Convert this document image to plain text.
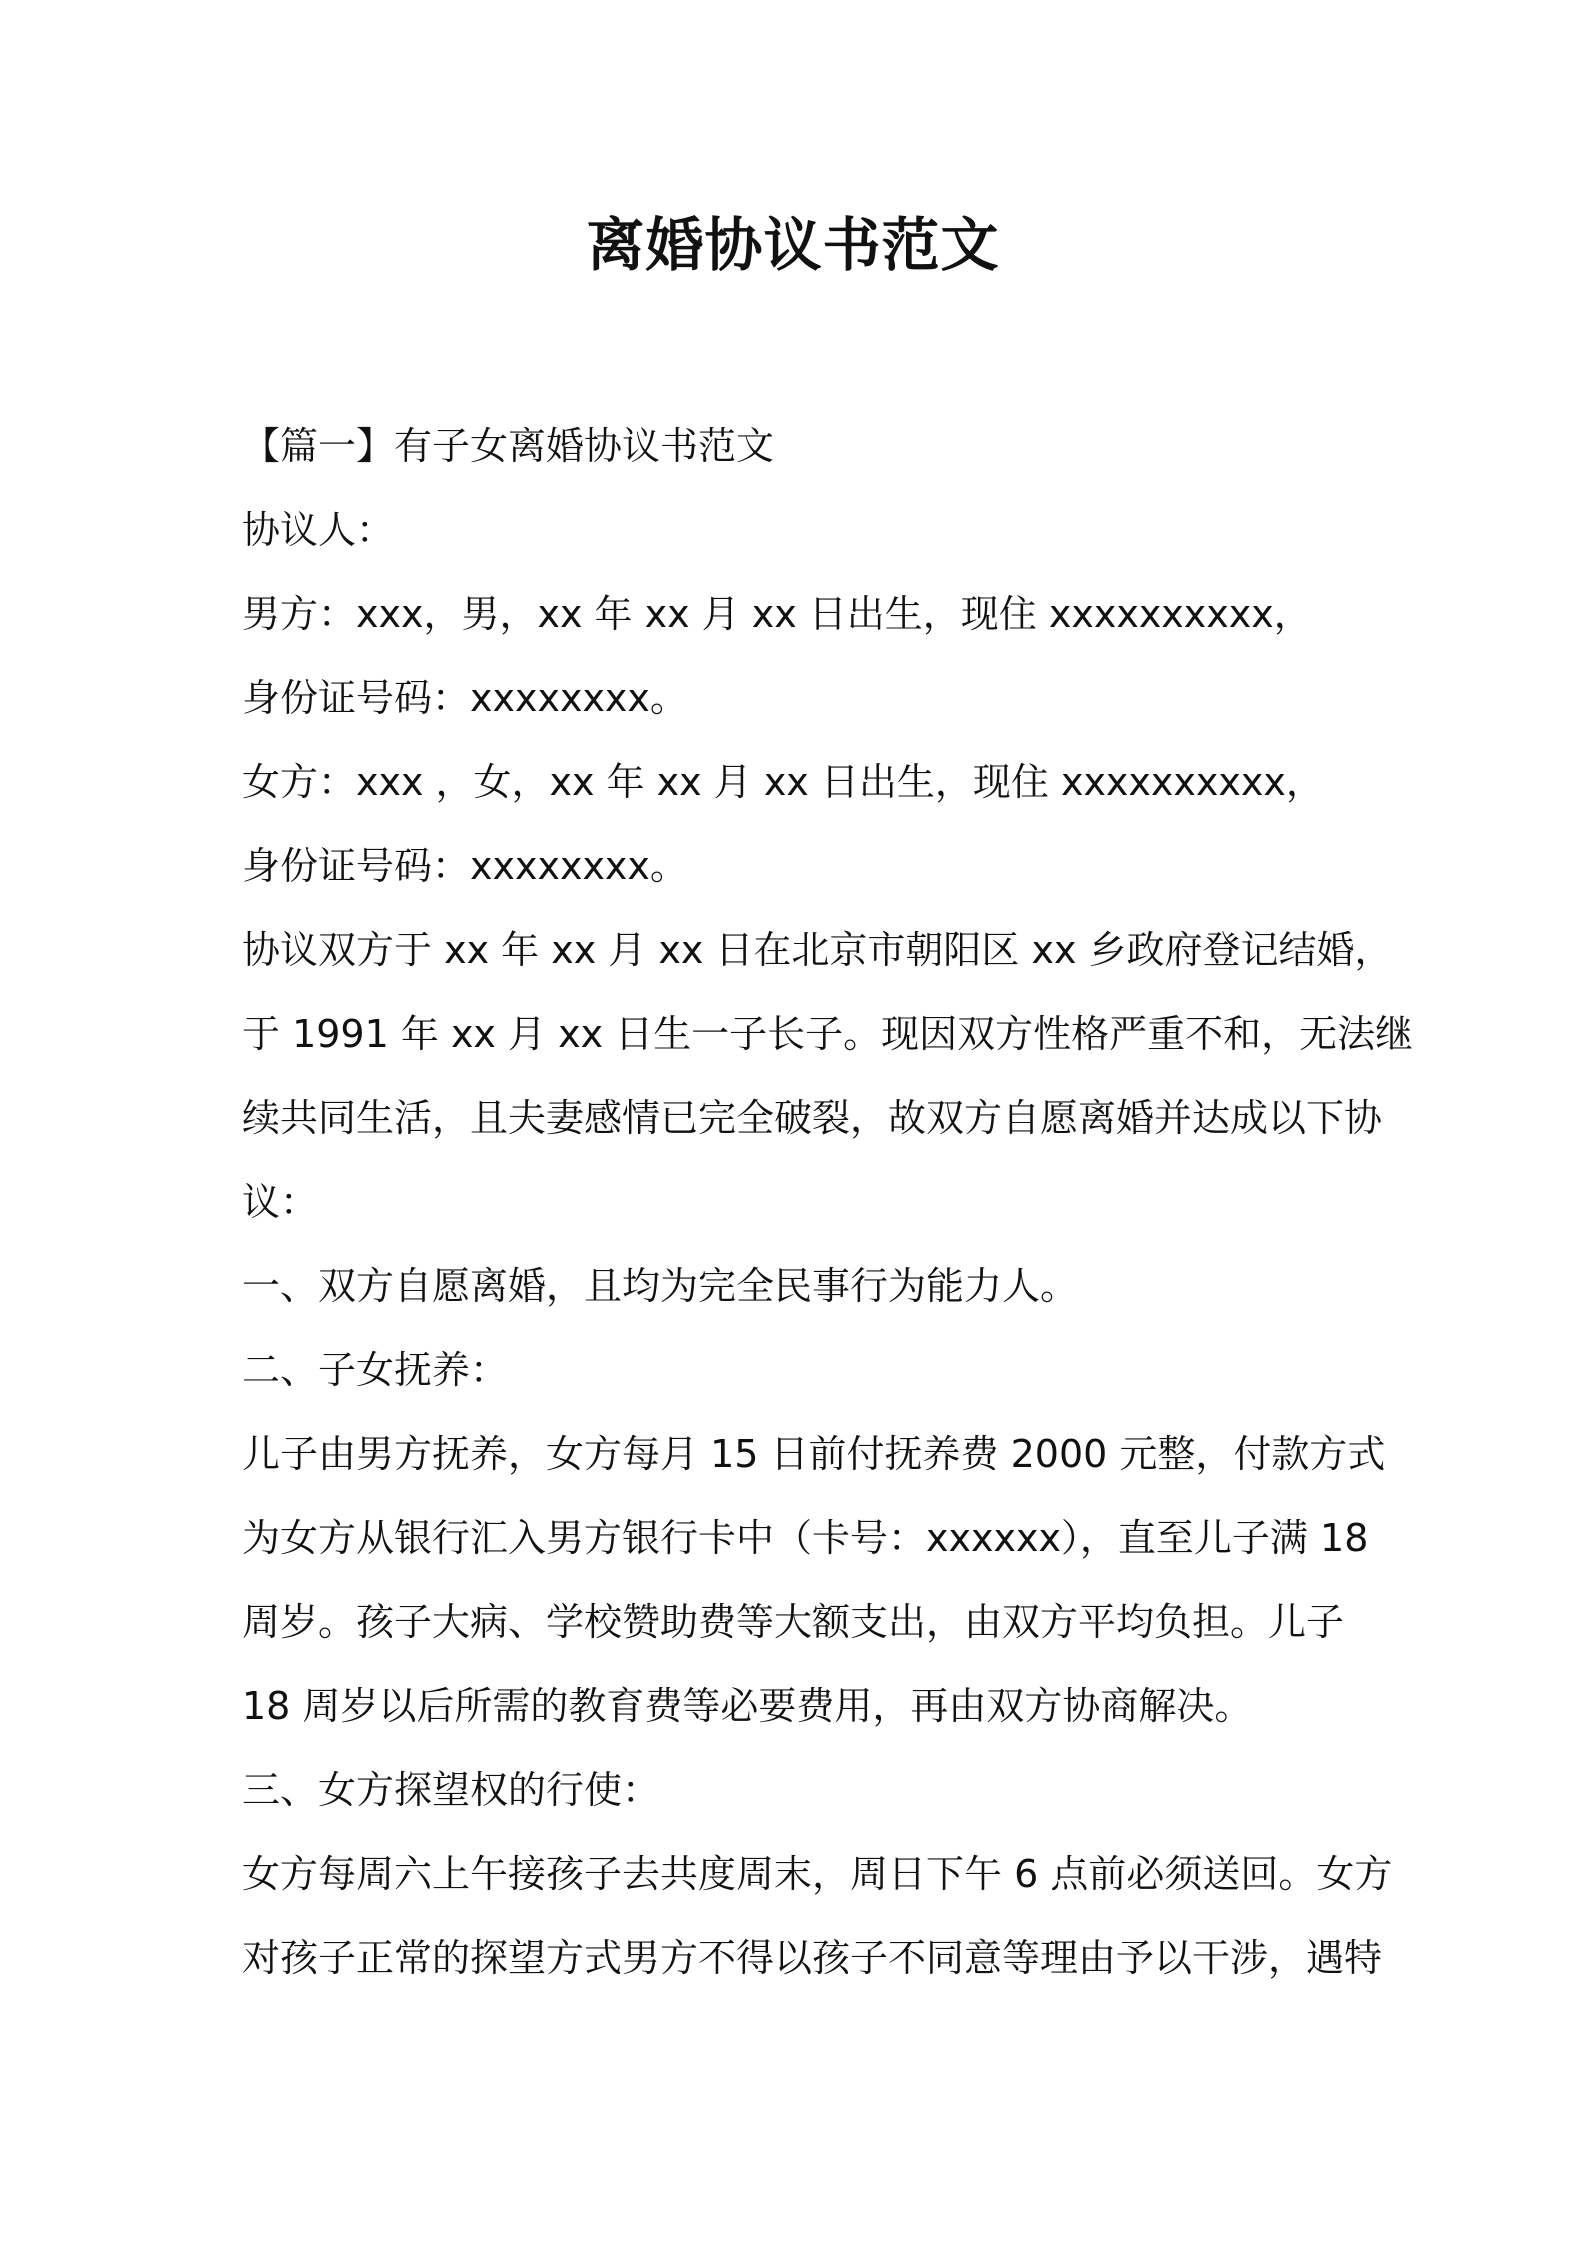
离婚协议书范文

【篇一】有子女离婚协议书范文

协议人：

男方：xxx，男，xx 年 xx 月 xx 日出生，现住 xxxxxxxxxx，

身份证号码：xxxxxxxx。

女方：xxx ，女，xx 年 xx 月 xx 日出生，现住 xxxxxxxxxx，

身份证号码：xxxxxxxx。

协议双方于 xx 年 xx 月 xx 日在北京市朝阳区 xx 乡政府登记结婚，

于 1991 年 xx 月 xx 日生一子长子。现因双方性格严重不和，无法继

续共同生活，且夫妻感情已完全破裂，故双方自愿离婚并达成以下协

议：

一、双方自愿离婚，且均为完全民事行为能力人。

二、子女抚养：

儿子由男方抚养，女方每月 15 日前付抚养费 2000 元整，付款方式

为女方从银行汇入男方银行卡中（卡号：xxxxxx），直至儿子满 18

周岁。孩子大病、学校赞助费等大额支出，由双方平均负担。儿子

18 周岁以后所需的教育费等必要费用，再由双方协商解决。

三、女方探望权的行使：

女方每周六上午接孩子去共度周末，周日下午 6 点前必须送回。女方

对孩子正常的探望方式男方不得以孩子不同意等理由予以干涉，遇特
